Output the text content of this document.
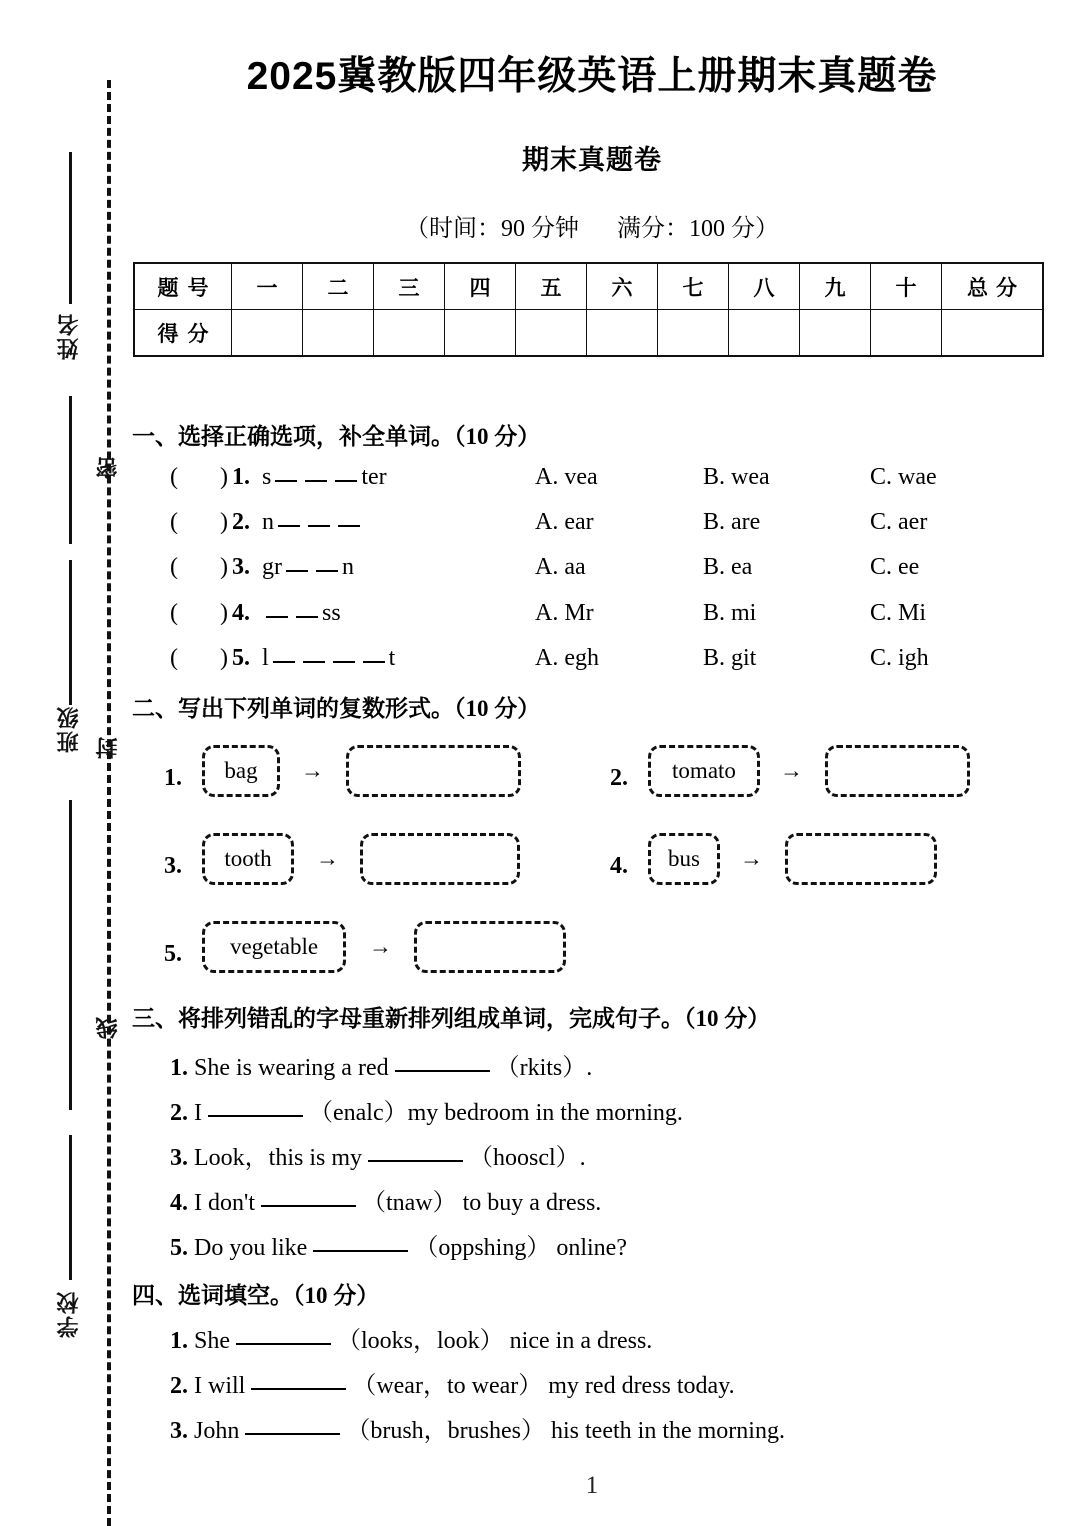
密
封
线
姓名
班级
学校
2025冀教版四年级英语上册期末真题卷
期末真题卷
（时间：90 分钟 满分：100 分）
题号	一	二	三	四	五	六	七	八	九	十	总分
得分											
一、选择正确选项，补全单词。（10 分）
( ) 1. s	ter	A. vea	B. wea	C. wae
( ) 2. n	A. ear	B. are	C. aer
( ) 3. gr	n	A. aa	B. ea	C. ee
( ) 4.	ss	A. Mr	B. mi	C. Mi
( ) 5. l	t	A. egh	B. git	C. igh
二、写出下列单词的复数形式。（10 分）
1.	bag	→	2.	tomato	→
3.	tooth	→	4.	bus	→
5.	vegetable	→
三、将排列错乱的字母重新排列组成单词，完成句子。（10 分）
1. She is wearing a red	（rkits）.
2. I	（enalc）my bedroom in the morning.
3. Look，this is my	（hooscl）.
4. I don't	（tnaw） to buy a dress.
5. Do you like	（oppshing） online?
四、选词填空。（10 分）
1. She	（looks，look） nice in a dress.
2. I will	（wear，to wear） my red dress today.
3. John	（brush，brushes） his teeth in the morning.
1
